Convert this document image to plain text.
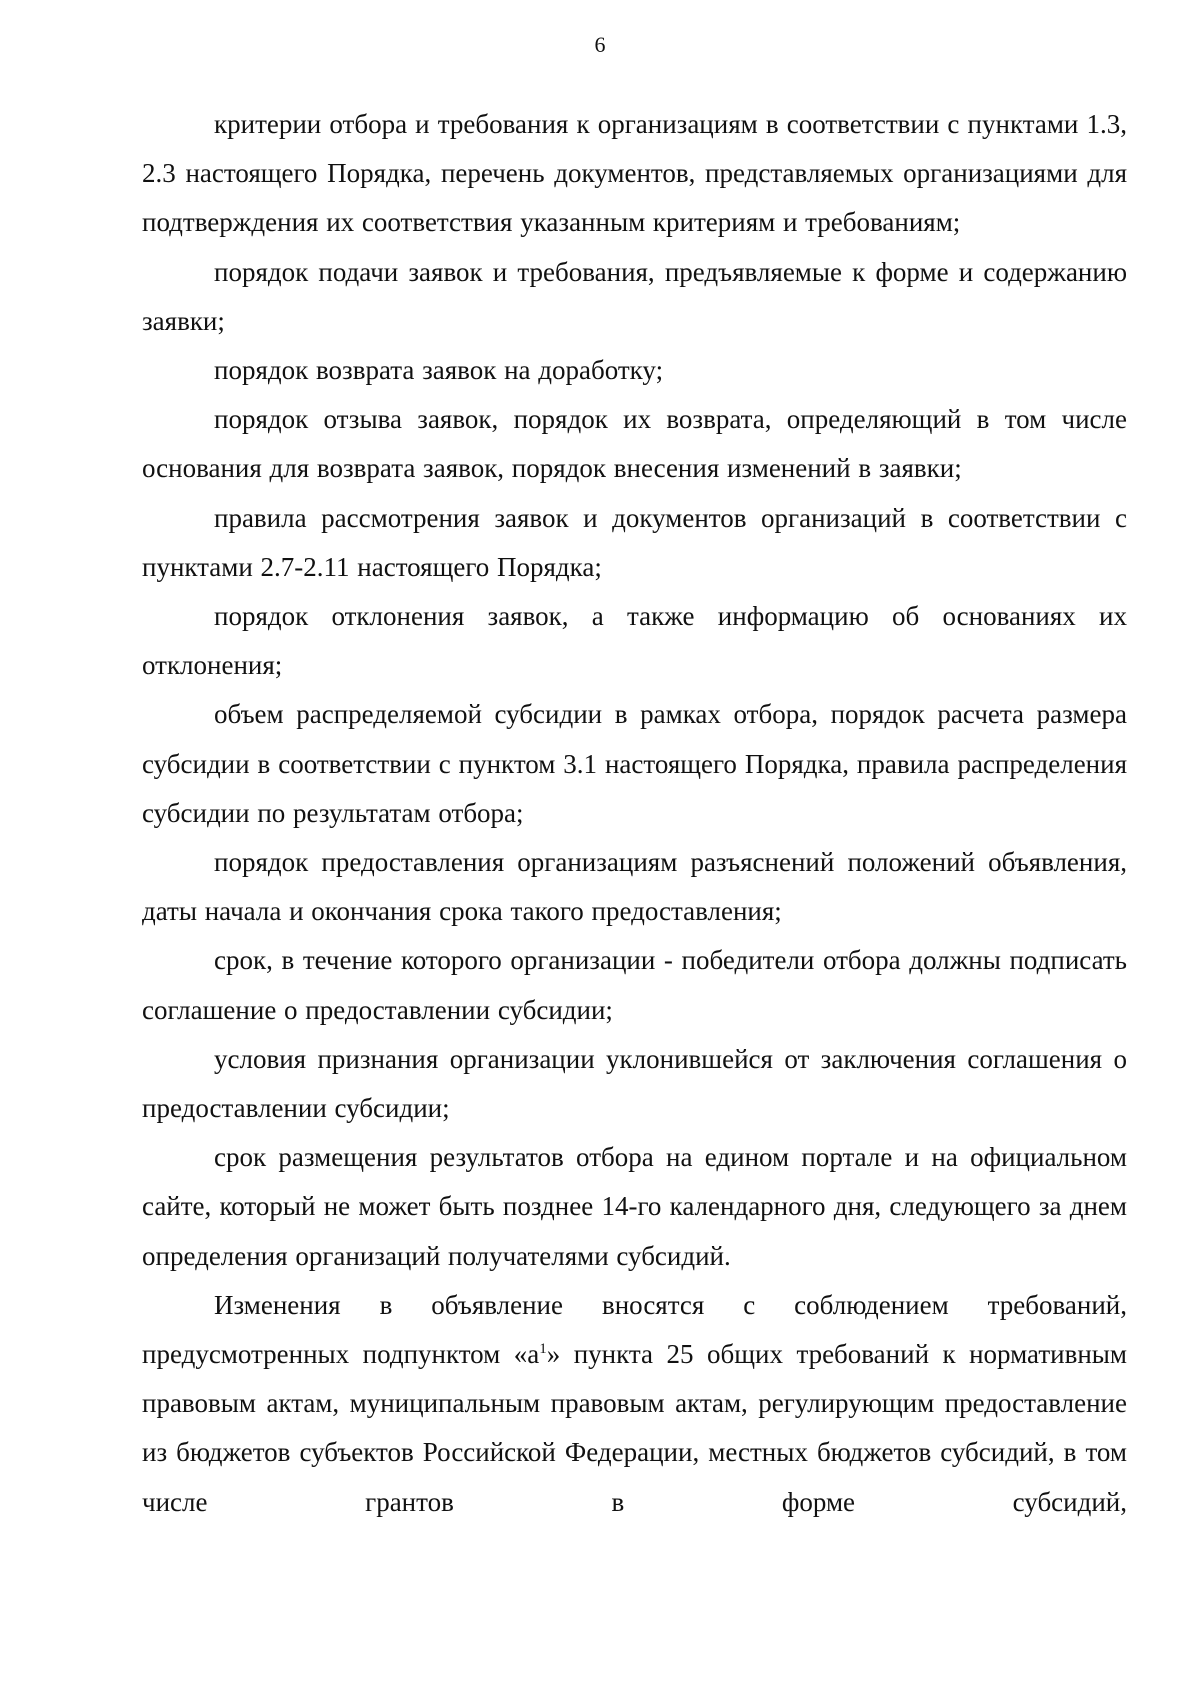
6

критерии отбора и требования к организациям в соответствии с пунктами 1.3, 2.3 настоящего Порядка, перечень документов, представляемых организациями для подтверждения их соответствия указанным критериям и требованиям;

порядок подачи заявок и требования, предъявляемые к форме и содержанию заявки;

порядок возврата заявок на доработку;

порядок отзыва заявок, порядок их возврата, определяющий в том числе основания для возврата заявок, порядок внесения изменений в заявки;

правила рассмотрения заявок и документов организаций в соответствии с пунктами 2.7-2.11 настоящего Порядка;

порядок отклонения заявок, а также информацию об основаниях их отклонения;

объем распределяемой субсидии в рамках отбора, порядок расчета размера субсидии в соответствии с пунктом 3.1 настоящего Порядка, правила распределения субсидии по результатам отбора;

порядок предоставления организациям разъяснений положений объявления, даты начала и окончания срока такого предоставления;

срок, в течение которого организации - победители отбора должны подписать соглашение о предоставлении субсидии;

условия признания организации уклонившейся от заключения соглашения о предоставлении субсидии;

срок размещения результатов отбора на едином портале и на официальном сайте, который не может быть позднее 14-го календарного дня, следующего за днем определения организаций получателями субсидий.

Изменения в объявление вносятся с соблюдением требований, предусмотренных подпунктом «$а^1$» пункта 25 общих требований к нормативным правовым актам, муниципальным правовым актам, регулирующим предоставление из бюджетов субъектов Российской Федерации, местных бюджетов субсидий, в том числе грантов в форме субсидий,
